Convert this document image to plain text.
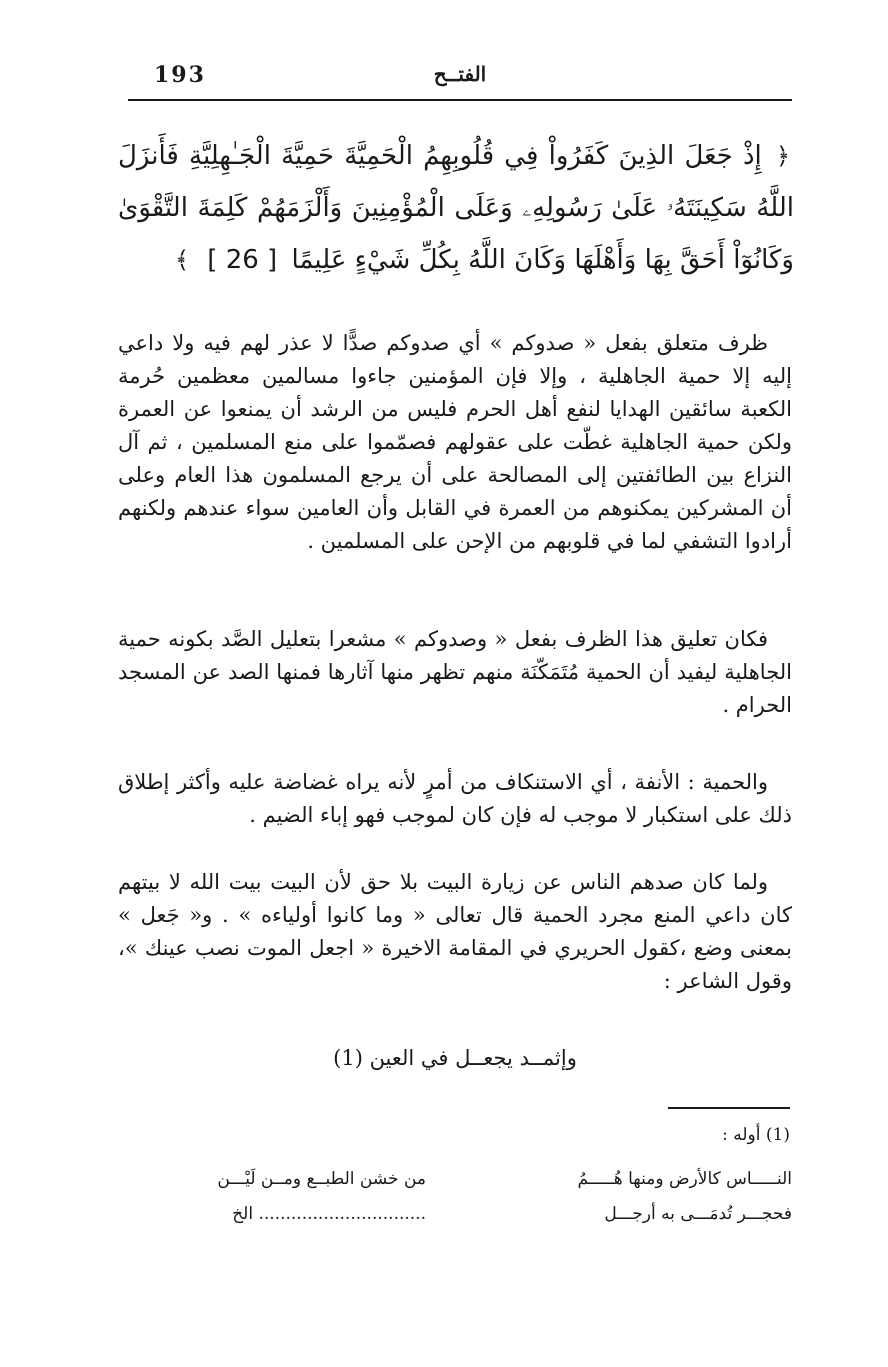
193	الفتــح
﴿ إِذْ جَعَلَ الذِينَ كَفَرُواْ فِي قُلُوبِهِمُ الْحَمِيَّةَ حَمِيَّةَ الْجَـٰهِلِيَّةِ فَأَنزَلَ اللَّهُ سَكِينَتَهُۥ عَلَىٰ رَسُولِهِۦ وَعَلَى الْمُؤْمِنِينَ وَأَلْزَمَهُمْ كَلِمَةَ التَّقْوَىٰ وَكَانُوٓاْ أَحَقَّ بِهَا وَأَهْلَهَا وَكَانَ اللَّهُ بِكُلِّ شَيْءٍ عَلِيمًا [ 26 ] ﴾

ظرف متعلق بفعل « صدوكم » أي صدوكم صدًّا لا عذر لهم فيه ولا داعي إليه إلا حمية الجاهلية ، وإلا فإن المؤمنين جاءوا مسالمين معظمين حُرمة الكعبة سائقين الهدايا لنفع أهل الحرم فليس من الرشد أن يمنعوا عن العمرة ولكن حمية الجاهلية غطّت على عقولهم فصمّموا على منع المسلمين ، ثم آل النزاع بين الطائفتين إلى المصالحة على أن يرجع المسلمون هذا العام وعلى أن المشركين يمكنوهم من العمرة في القابل وأن العامين سواء عندهم ولكنهم أرادوا التشفي لما في قلوبهم من الإحن على المسلمين .

فكان تعليق هذا الظرف بفعل « وصدوكم » مشعرا بتعليل الصَّد بكونه حمية الجاهلية ليفيد أن الحمية مُتَمَكّنَة منهم تظهر منها آثارها فمنها الصد عن المسجد الحرام .

والحمية : الأنفة ، أي الاستنكاف من أمرٍ لأنه يراه غضاضة عليه وأكثر إطلاق ذلك على استكبار لا موجب له فإن كان لموجب فهو إباء الضيم .

ولما كان صدهم الناس عن زيارة البيت بلا حق لأن البيت بيت الله لا بيتهم كان داعي المنع مجرد الحمية قال تعالى « وما كانوا أولياءه » . و« جَعل » بمعنى وضع ،كقول الحريري في المقامة الاخيرة « اجعل الموت نصب عينك »، وقول الشاعر :

وإثمــد يجعــل في العين (1)
(1) أوله :
النـــــاس كالأرض ومنها هُـــــمُ
من خشن الطبــع ومــن لَيْـــن
فحجـــر تُدمَـــى به أرجـــل
............................... الخ
